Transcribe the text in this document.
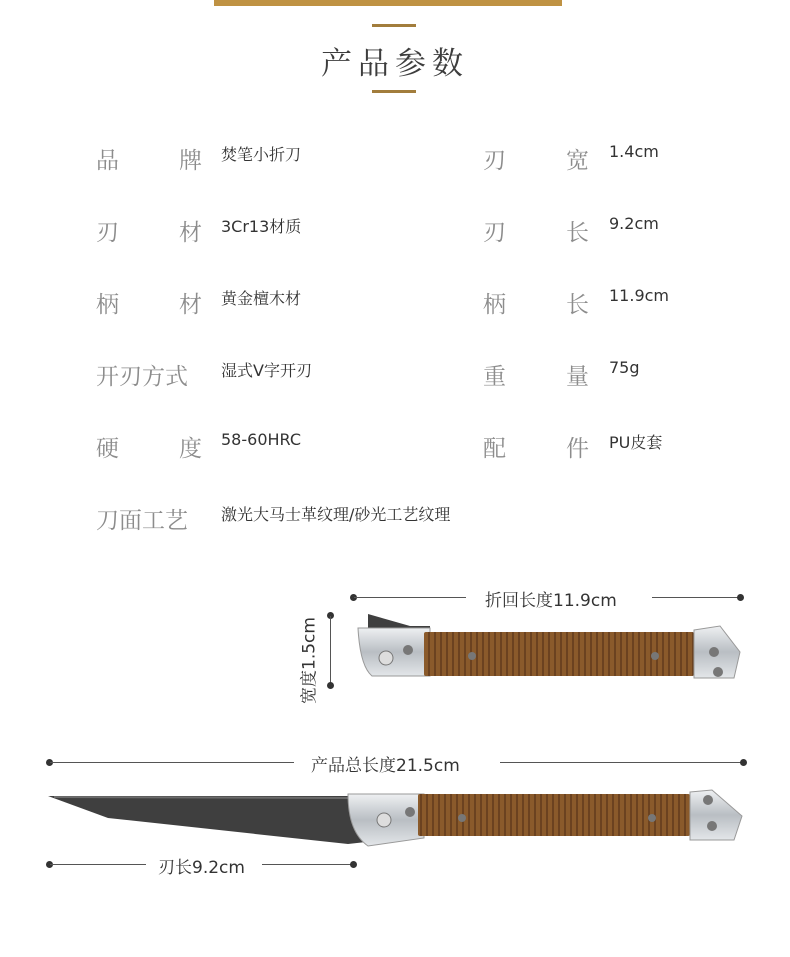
产品参数
品	牌 焚笔小折刀	刃	宽 1.4cm
刃	材 3Cr13材质	刃	长 9.2cm
柄	材 黄金檀木材	柄	长 11.9cm
开刃方式	湿式V字开刃	重	量 75g
硬	度 58-60HRC	配	件 PU皮套
刀面工艺	激光大马士革纹理/砂光工艺纹理
折回长度11.9cm
宽度1.5cm
产品总长度21.5cm
刃长9.2cm
